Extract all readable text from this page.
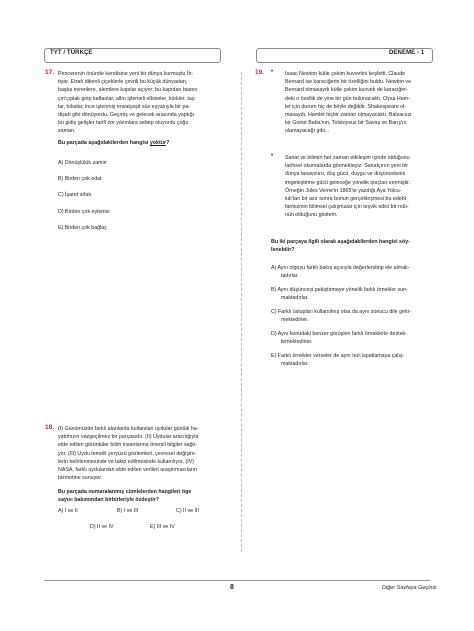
TYT / TÜRKÇE	DENEME - 1
17. Pencerenin önünde kendisine yeni bir dünya kurmuştu İh-
tiyar. Etrafı dikenli çiçeklerle çevrili bu küçük dünyadan,
başka evrenlere, alemlere kapılar açıyor; bu kapıdan bazen
çın'çıplak girip kaftanlar, altın işlemeli elbiseler, kürkler, taç-
lar, tokalar, ince işlenmiş envaiçeşit süs eşyasıyla bir pa-
dişah gibi dönüyordu. Geçmiş ve gelecek arasında yaptığı
bu gidiş gelişler tarifi zor yıkımlara sebep oluyordu çoğu
zaman.
Bu parçada aşağıdakilerden hangisi yoktur?
A) Dönüşlülük zamiri
B) Birden çok edat
C) İşaret sıfatı
D) Birden çok eylemsi
E) Birden çok bağlaç
18. (I) Günümüzde farklı alanlarda kullanılan uydular günlük ha-
yatımızın vazgeçilmez bir parçasıdır. (II) Uydular aracılığıyla
elde edilen görüntüler bilim insanlarına önemli bilgiler sağlı-
yor. (III) Uydu temelli yeryüzü gözlemleri, çevresel değişim-
lerin belirlenmesinde ve takip edilmesinde kullanılıyor. (IV)
NASA, farklı uydulardan elde edilen verileri araştırmacıların
hizmetine sunuyor.
Bu parçada numaralanmış cümlelerden hangileri öge
sayısı bakımından birbirleriyle özdeştir?
A) I ve II	B) I ve III	C) II ve III
D) II ve IV	E) III ve IV
19. • Isaac Newton kütle çekim kuvvetini keşfetti. Claude
Bernard ise karaciğerin bir özelliğini buldu. Newton ve
Bernard olmasaydı kütle çekim kuvveti de karaciğer-
deki o özellik de yine bir gün bulunacaktı. Oysa Ham-
let için durum hiç de böyle değildir. Shakespeare ol-
masaydı, Hamlet hiçbir zaman olmayacaktı. Balzacsız
bir Goriot Baba'nın, Tolstoysuz bir Savaş ve Barış'ın
olamayacağı gibi...
• Sanat ve bilimin her zaman etkileşim içinde olduğunu
tarihsel okumalarda görmekteyiz. Sanatçının yeni bir
dünya tasavvuru, düş gücü, duygu ve düşüncelerini
imgeleştirme gücü geleceğe yönelik ipuçları vermiştir.
Örneğin Jules Verne'in 1865'te yazdığı Aya Yolcu-
luk'tan bir asır sonra bunun gerçekleşmesi bu edebî
fantezinin bilimsel çalışmalar için teşvik edici bir rolü-
nün olduğunu gösterir.
Bu iki parçaya ilgili olarak aşağıdakilerden hangisi söy-
lenebilir?
A) Aynı olguyu farklı bakış açısıyla değerlendirip ele almak-
tadırlar.
B) Aynı düşünceyi pekiştirmeye yönelik farklı örnekler sun-
maktadırlar.
C) Farklı üslupları kullanılmış olsa da aynı sonucu dile getir-
mektedirler.
D) Aynı konudaki benzer görüşleri farklı örneklerle destek-
lemektedirler.
E) Farklı örnekler verseler de aynı tezi ispatlamaya çalış-
maktadırlar.
8	Diğer Sayfaya Geçiniz.
